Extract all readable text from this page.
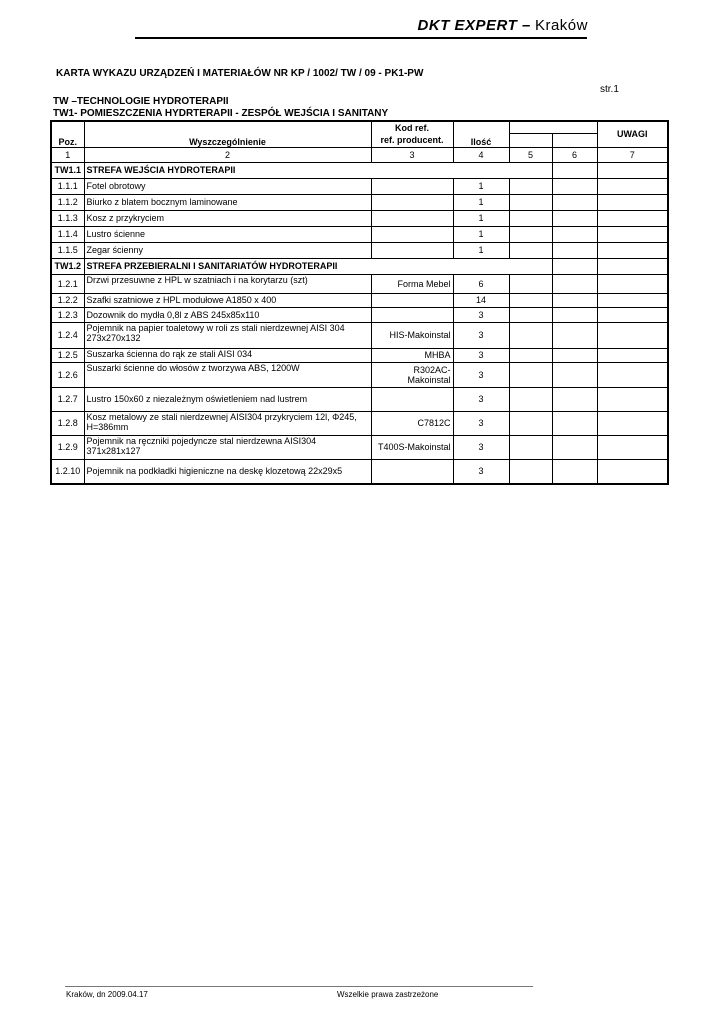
DKT EXPERT – Kraków
KARTA WYKAZU URZĄDZEŃ I MATERIAŁÓW NR KP / 1002/ TW / 09 - PK1-PW
str.1
TW –TECHNOLOGIE HYDROTERAPII
TW1- POMIESZCZENIA HYDRTERAPII - ZESPÓŁ WEJŚCIA I SANITANY
Poz.	Wyszczególnienie	Kod ref.	Ilość			UWAGI
		ref. producent.				
1	2	3	4	5	6	7
TW1.1	STREFA WEJŚCIA HYDROTERAPII					
1.1.1	Fotel obrotowy		1			
1.1.2	Biurko z blatem bocznym laminowane		1			
1.1.3	Kosz z przykryciem		1			
1.1.4	Lustro ścienne		1			
1.1.5	Zegar ścienny		1			
TW1.2	STREFA PRZEBIERALNI I SANITARIATÓW HYDROTERAPII					
1.2.1	Drzwi przesuwne z HPL w szatniach i na korytarzu (szt)	Forma Mebel	6			
1.2.2	Szafki szatniowe z HPL modułowe A1850 x 400		14			
1.2.3	Dozownik do mydła 0,8l z ABS 245x85x110		3			
1.2.4	Pojemnik na papier toaletowy w roli zs stali nierdzewnej AISI 304 273x270x132	HIS-Makoinstal	3			
1.2.5	Suszarka ścienna do rąk ze stali AISI 034	MHBA	3			
1.2.6	Suszarki ścienne do włosów z tworzywa ABS, 1200W	R302AC-Makoinstal	3			
1.2.7	Lustro 150x60 z niezależnym oświetleniem nad lustrem		3			
1.2.8	Kosz metalowy ze stali nierdzewnej AISI304 przykryciem 12l, Φ245, H=386mm	C7812C	3			
1.2.9	Pojemnik na ręczniki pojedyncze stal nierdzewna AISI304 371x281x127	T400S-Makoinstal	3			
1.2.10	Pojemnik na podkładki higieniczne na deskę klozetową 22x29x5		3			
Kraków, dn 2009.04.17	Wszelkie prawa zastrzeżone
